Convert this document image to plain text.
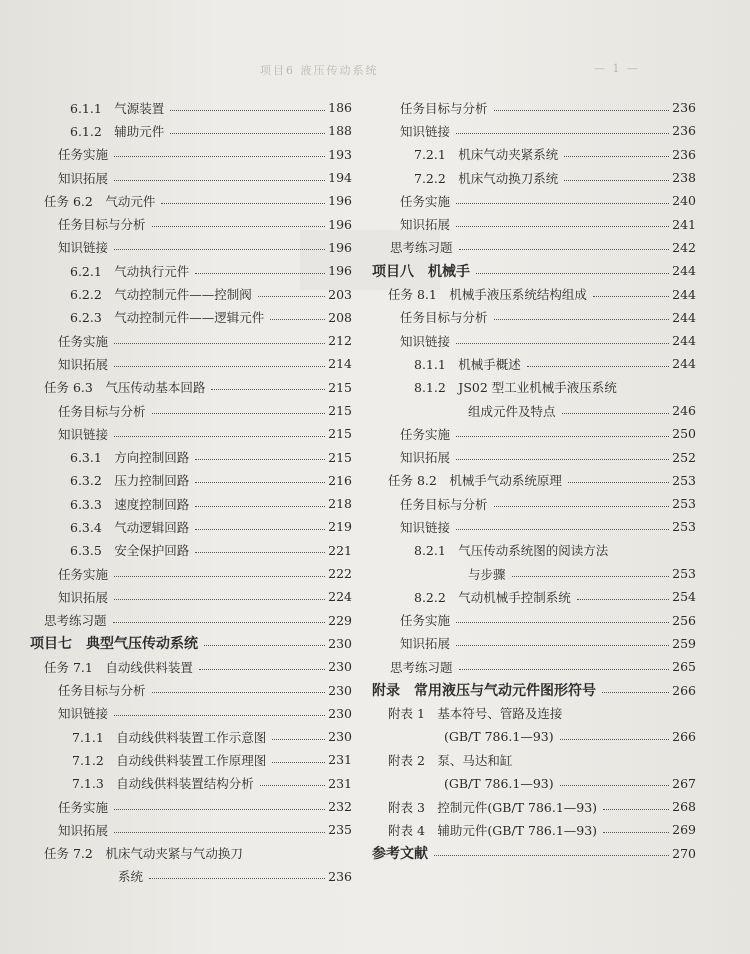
项目6 液压传动系统	— 1 —
6.1.1　气源装置	186
6.1.2　辅助元件	188
任务实施	193
知识拓展	194
任务 6.2　气动元件	196
任务目标与分析	196
知识链接	196
6.2.1　气动执行元件	196
6.2.2　气动控制元件——控制阀	203
6.2.3　气动控制元件——逻辑元件	208
任务实施	212
知识拓展	214
任务 6.3　气压传动基本回路	215
任务目标与分析	215
知识链接	215
6.3.1　方向控制回路	215
6.3.2　压力控制回路	216
6.3.3　速度控制回路	218
6.3.4　气动逻辑回路	219
6.3.5　安全保护回路	221
任务实施	222
知识拓展	224
思考练习题	229
项目七　典型气压传动系统	230
任务 7.1　自动线供料装置	230
任务目标与分析	230
知识链接	230
7.1.1　自动线供料装置工作示意图	230
7.1.2　自动线供料装置工作原理图	231
7.1.3　自动线供料装置结构分析	231
任务实施	232
知识拓展	235
任务 7.2　机床气动夹紧与气动换刀
系统	236
任务目标与分析	236
知识链接	236
7.2.1　机床气动夹紧系统	236
7.2.2　机床气动换刀系统	238
任务实施	240
知识拓展	241
思考练习题	242
项目八　机械手	244
任务 8.1　机械手液压系统结构组成	244
任务目标与分析	244
知识链接	244
8.1.1　机械手概述	244
8.1.2　JS02 型工业机械手液压系统
组成元件及特点	246
任务实施	250
知识拓展	252
任务 8.2　机械手气动系统原理	253
任务目标与分析	253
知识链接	253
8.2.1　气压传动系统图的阅读方法
与步骤	253
8.2.2　气动机械手控制系统	254
任务实施	256
知识拓展	259
思考练习题	265
附录　常用液压与气动元件图形符号	266
附表 1　基本符号、管路及连接
(GB/T 786.1—93)	266
附表 2　泵、马达和缸
(GB/T 786.1—93)	267
附表 3　控制元件(GB/T 786.1—93)	268
附表 4　辅助元件(GB/T 786.1—93)	269
参考文献	270
